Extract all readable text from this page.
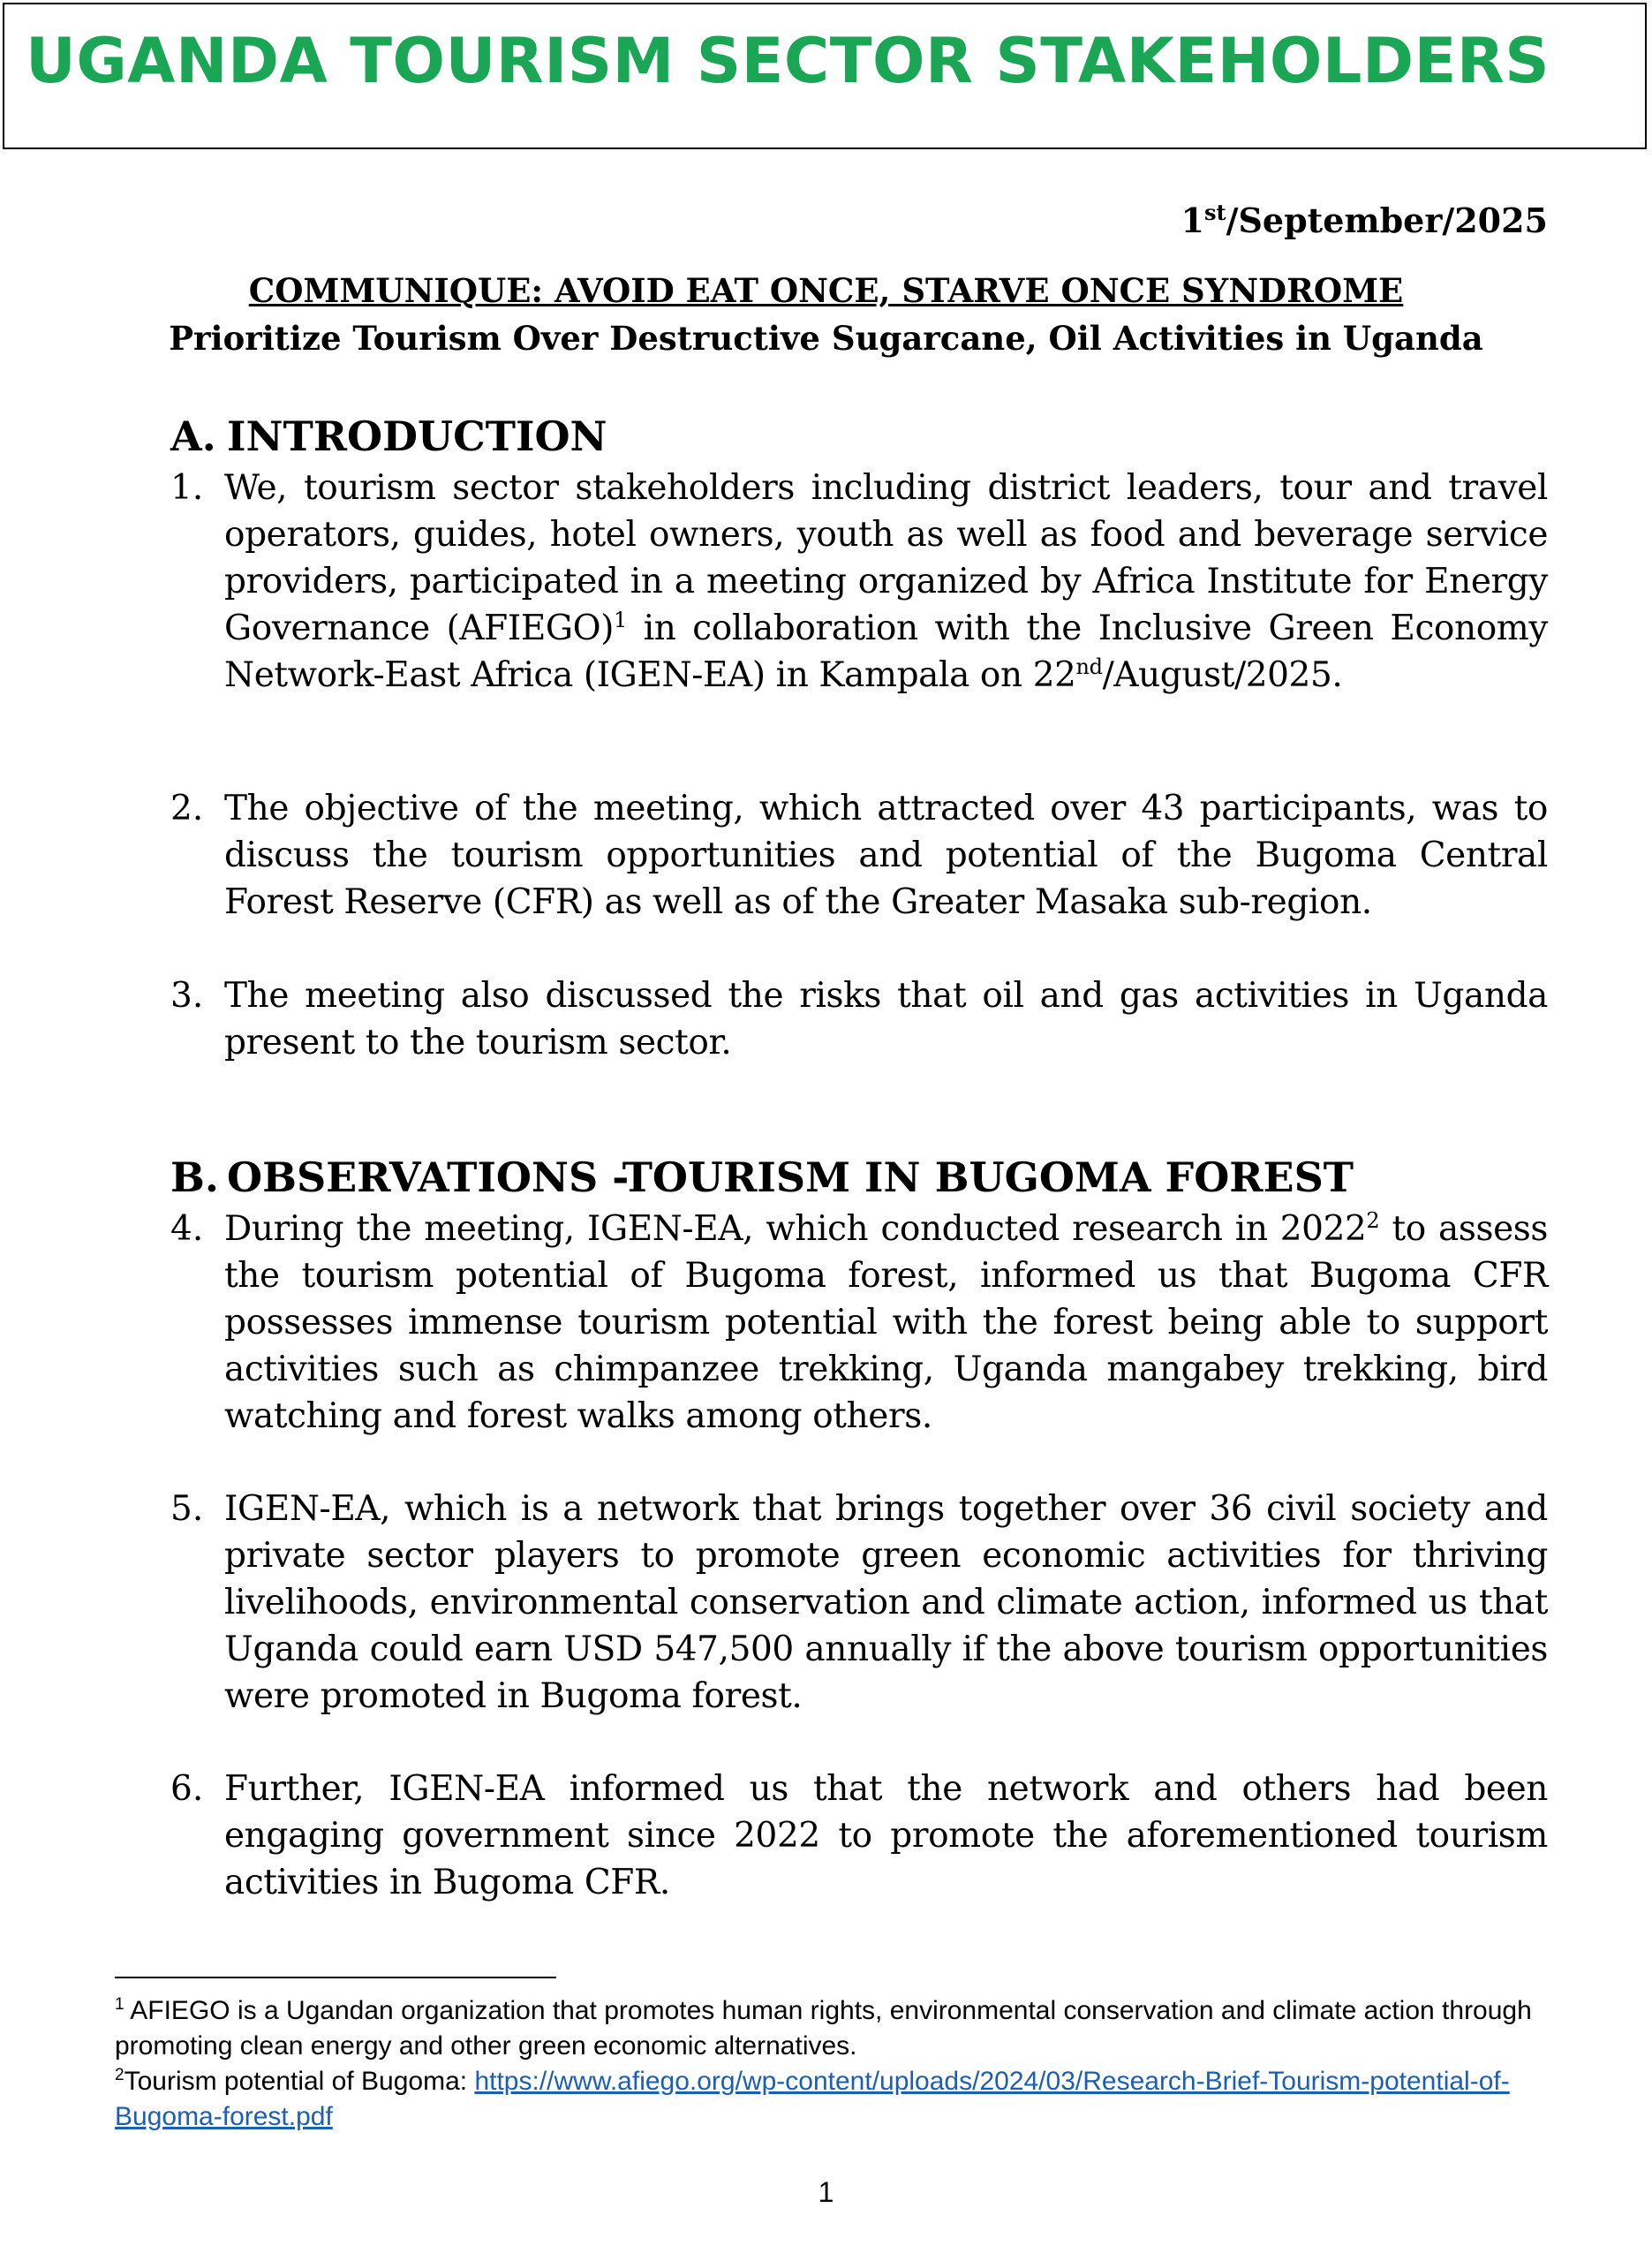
UGANDA TOURISM SECTOR STAKEHOLDERS
1st/September/2025
COMMUNIQUE: AVOID EAT ONCE, STARVE ONCE SYNDROME
Prioritize Tourism Over Destructive Sugarcane, Oil Activities in Uganda
A. INTRODUCTION
1. We, tourism sector stakeholders including district leaders, tour and travel operators, guides, hotel owners, youth as well as food and beverage service providers, participated in a meeting organized by Africa Institute for Energy Governance (AFIEGO)$^1$ in collaboration with the Inclusive Green Economy Network-East Africa (IGEN-EA) in Kampala on 22nd/August/2025.
2. The objective of the meeting, which attracted over 43 participants, was to discuss the tourism opportunities and potential of the Bugoma Central Forest Reserve (CFR) as well as of the Greater Masaka sub-region.
3. The meeting also discussed the risks that oil and gas activities in Uganda present to the tourism sector.
B. OBSERVATIONS -TOURISM IN BUGOMA FOREST
4. During the meeting, IGEN-EA, which conducted research in 2022$^2$ to assess the tourism potential of Bugoma forest, informed us that Bugoma CFR possesses immense tourism potential with the forest being able to support activities such as chimpanzee trekking, Uganda mangabey trekking, bird watching and forest walks among others.
5. IGEN-EA, which is a network that brings together over 36 civil society and private sector players to promote green economic activities for thriving livelihoods, environmental conservation and climate action, informed us that Uganda could earn USD 547,500 annually if the above tourism opportunities were promoted in Bugoma forest.
6. Further, IGEN-EA informed us that the network and others had been engaging government since 2022 to promote the aforementioned tourism activities in Bugoma CFR.
$^1$ AFIEGO is a Ugandan organization that promotes human rights, environmental conservation and climate action through promoting clean energy and other green economic alternatives.
$^2$Tourism potential of Bugoma: https://www.afiego.org/wp-content/uploads/2024/03/Research-Brief-Tourism-potential-of-Bugoma-forest.pdf
1
